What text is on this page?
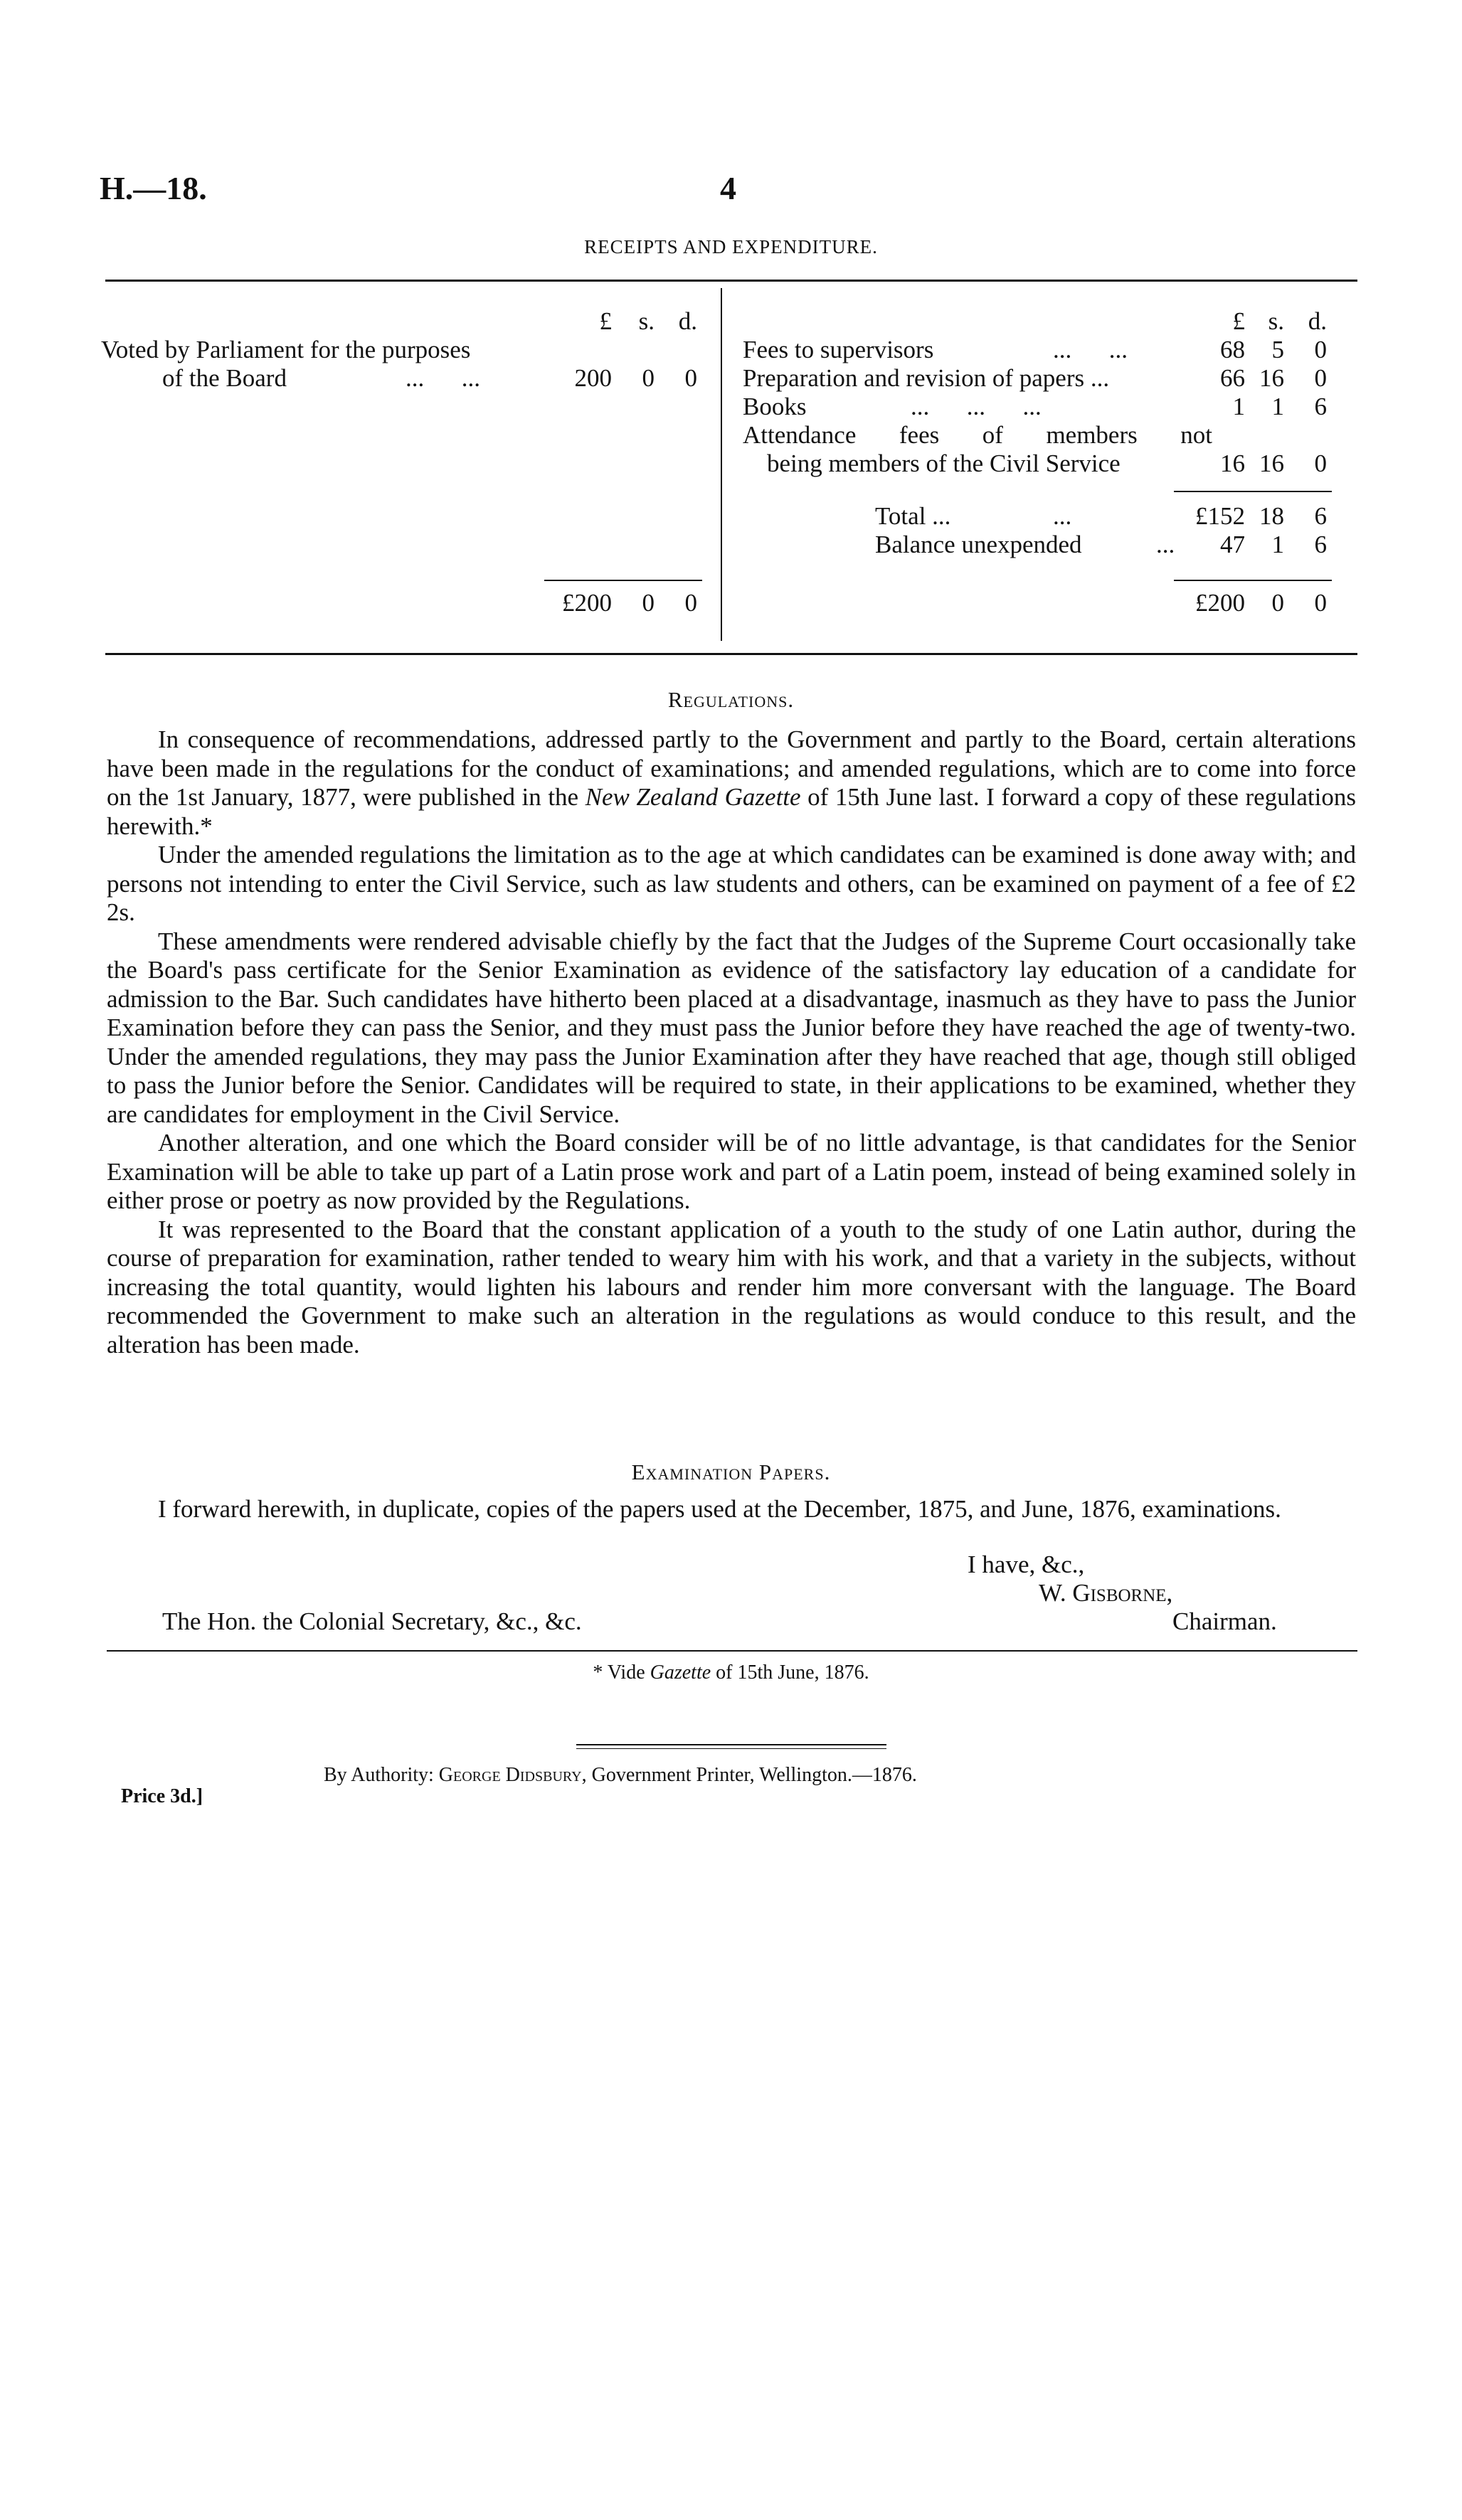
H.—18.	4
RECEIPTS AND EXPENDITURE.
£	s. d.
Voted by Parliament for the purposes
of the Board	...      ...	200	0	0
£200	0	0
£ s. d.
Fees to supervisors	...      ...	68	5	0
Preparation and revision of papers ...	66 16	0
Books	...      ...      ...	1	1	6
Attendance fees of members not
being members of the Civil Service	16 16	0
Total ...	...	£152 18	6
Balance unexpended	...	47	1	6
£200	0	0
Regulations.

In consequence of recommendations, addressed partly to the Government and partly to the Board, certain alterations have been made in the regulations for the conduct of examinations; and amended regulations, which are to come into force on the 1st January, 1877, were published in the New Zealand Gazette of 15th June last. I forward a copy of these regulations herewith.*

Under the amended regulations the limitation as to the age at which candidates can be examined is done away with; and persons not intending to enter the Civil Service, such as law students and others, can be examined on payment of a fee of £2 2s.

These amendments were rendered advisable chiefly by the fact that the Judges of the Supreme Court occasionally take the Board's pass certificate for the Senior Examination as evidence of the satisfactory lay education of a candidate for admission to the Bar. Such candidates have hitherto been placed at a disadvantage, inasmuch as they have to pass the Junior Examination before they can pass the Senior, and they must pass the Junior before they have reached the age of twenty-two. Under the amended regulations, they may pass the Junior Examination after they have reached that age, though still obliged to pass the Junior before the Senior. Candidates will be required to state, in their applications to be examined, whether they are candidates for employment in the Civil Service.

Another alteration, and one which the Board consider will be of no little advantage, is that candidates for the Senior Examination will be able to take up part of a Latin prose work and part of a Latin poem, instead of being examined solely in either prose or poetry as now provided by the Regulations.

It was represented to the Board that the constant application of a youth to the study of one Latin author, during the course of preparation for examination, rather tended to weary him with his work, and that a variety in the subjects, without increasing the total quantity, would lighten his labours and render him more conversant with the language. The Board recommended the Government to make such an alteration in the regulations as would conduce to this result, and the alteration has been made.

Examination Papers.

I forward herewith, in duplicate, copies of the papers used at the December, 1875, and June, 1876, examinations.

I have, &c.,
W. Gisborne,
The Hon. the Colonial Secretary, &c., &c.	Chairman.
* Vide Gazette of 15th June, 1876.
By Authority: George Didsbury, Government Printer, Wellington.—1876.
Price 3d.]
